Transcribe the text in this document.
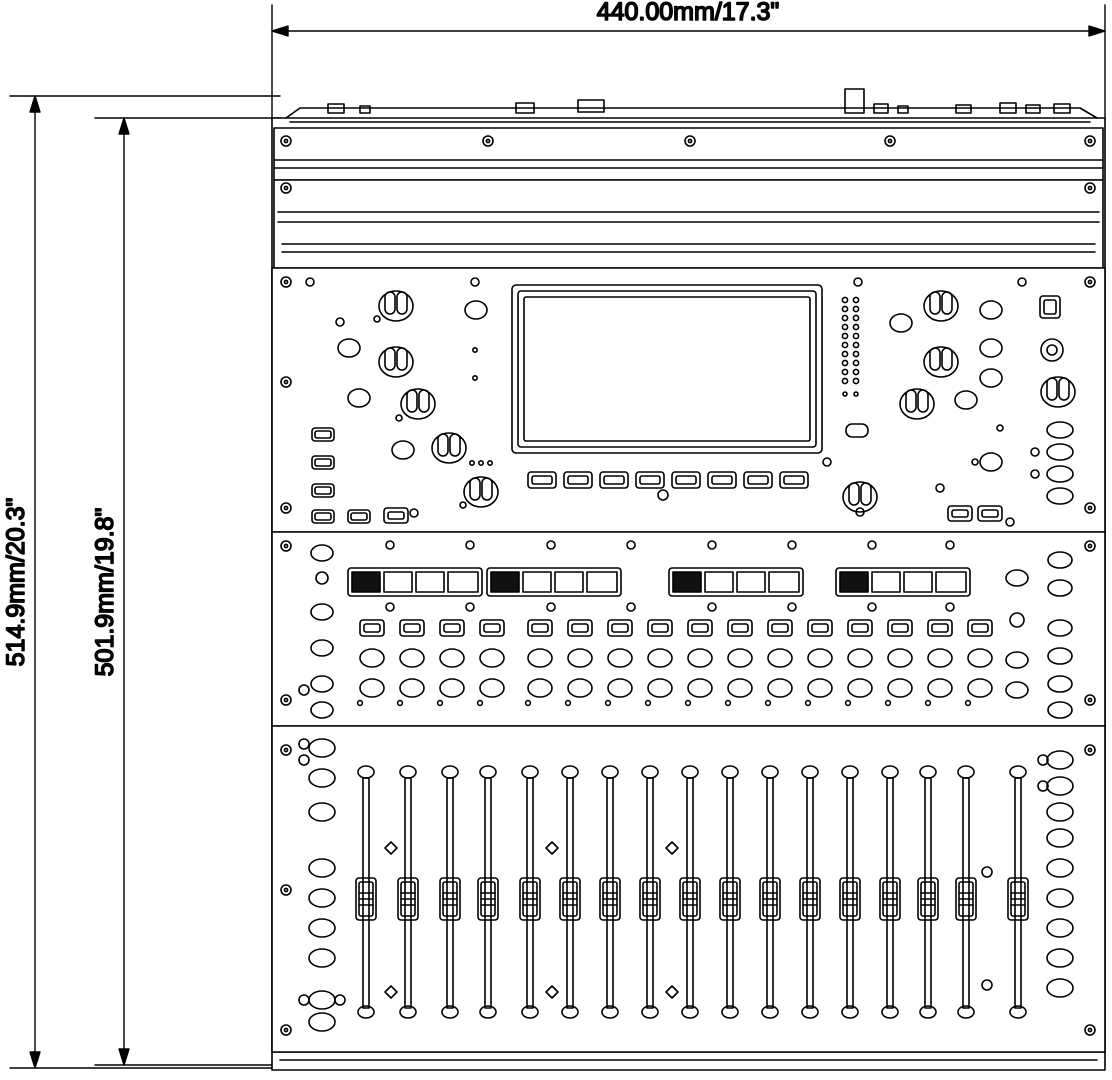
440.00mm/17.3"
514.9mm/20.3" 501.9mm/19.8"
